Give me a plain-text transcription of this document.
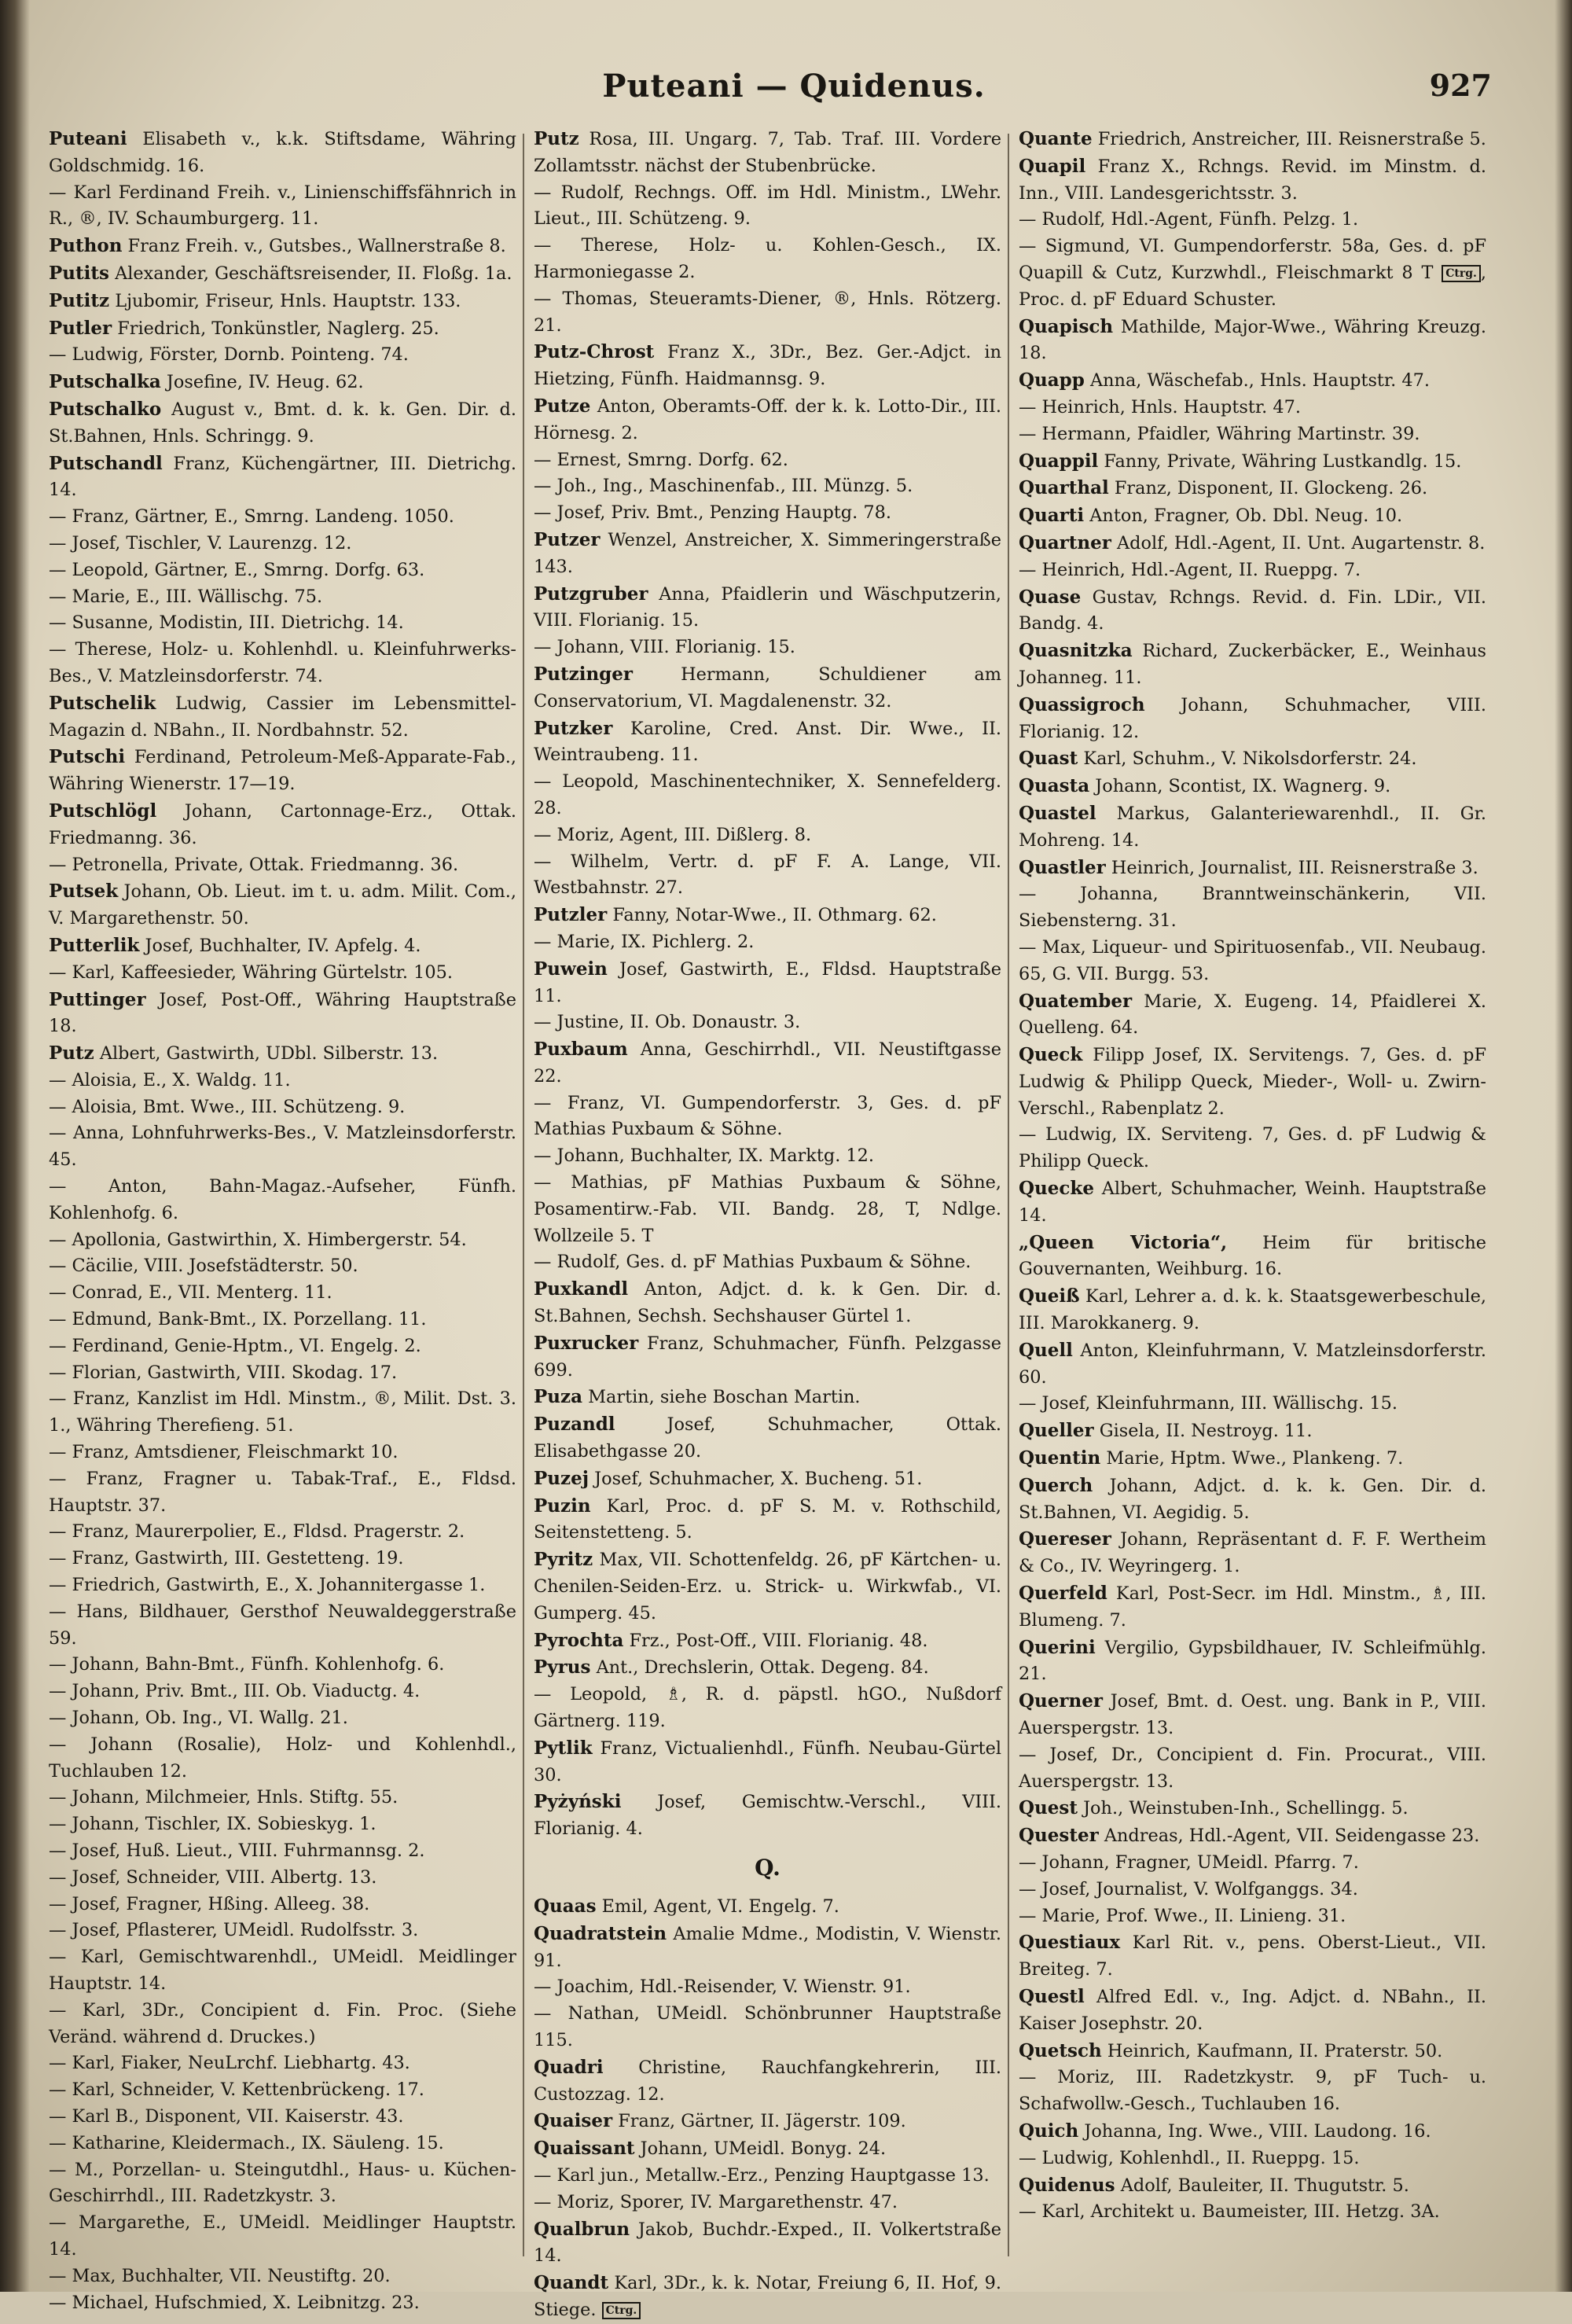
Puteani — Quidenus.	927

Puteani Elisabeth v., k.k. Stiftsdame, Währing Goldschmidg. 16.

— Karl Ferdinand Freih. v., Linienschiffsfähnrich in R., ®, IV. Schaumburgerg. 11.

Puthon Franz Freih. v., Gutsbes., Wallnerstraße 8.

Putits Alexander, Geschäftsreisender, II. Floßg. 1a.

Putitz Ljubomir, Friseur, Hnls. Hauptstr. 133.

Putler Friedrich, Tonkünstler, Naglerg. 25.

— Ludwig, Förster, Dornb. Pointeng. 74.

Putschalka Josefine, IV. Heug. 62.

Putschalko August v., Bmt. d. k. k. Gen. Dir. d. St.Bahnen, Hnls. Schringg. 9.

Putschandl Franz, Küchengärtner, III. Dietrichg. 14.

— Franz, Gärtner, E., Smrng. Landeng. 1050.

— Josef, Tischler, V. Laurenzg. 12.

— Leopold, Gärtner, E., Smrng. Dorfg. 63.

— Marie, E., III. Wällischg. 75.

— Susanne, Modistin, III. Dietrichg. 14.

— Therese, Holz- u. Kohlenhdl. u. Kleinfuhrwerks-Bes., V. Matzleinsdorferstr. 74.

Putschelik Ludwig, Cassier im Lebensmittel-Magazin d. NBahn., II. Nordbahnstr. 52.

Putschi Ferdinand, Petroleum-Meß-Apparate-Fab., Währing Wienerstr. 17—19.

Putschlögl Johann, Cartonnage-Erz., Ottak. Friedmanng. 36.

— Petronella, Private, Ottak. Friedmanng. 36.

Putsek Johann, Ob. Lieut. im t. u. adm. Milit. Com., V. Margarethenstr. 50.

Putterlik Josef, Buchhalter, IV. Apfelg. 4.

— Karl, Kaffeesieder, Währing Gürtelstr. 105.

Puttinger Josef, Post-Off., Währing Hauptstraße 18.

Putz Albert, Gastwirth, UDbl. Silberstr. 13.

— Aloisia, E., X. Waldg. 11.

— Aloisia, Bmt. Wwe., III. Schützeng. 9.

— Anna, Lohnfuhrwerks-Bes., V. Matzleinsdorferstr. 45.

— Anton, Bahn-Magaz.-Aufseher, Fünfh. Kohlenhofg. 6.

— Apollonia, Gastwirthin, X. Himbergerstr. 54.

— Cäcilie, VIII. Josefstädterstr. 50.

— Conrad, E., VII. Menterg. 11.

— Edmund, Bank-Bmt., IX. Porzellang. 11.

— Ferdinand, Genie-Hptm., VI. Engelg. 2.

— Florian, Gastwirth, VIII. Skodag. 17.

— Franz, Kanzlist im Hdl. Minstm., ®, Milit. Dst. 3. 1., Währing Therefieng. 51.

— Franz, Amtsdiener, Fleischmarkt 10.

— Franz, Fragner u. Tabak-Traf., E., Fldsd. Hauptstr. 37.

— Franz, Maurerpolier, E., Fldsd. Pragerstr. 2.

— Franz, Gastwirth, III. Gestetteng. 19.

— Friedrich, Gastwirth, E., X. Johannitergasse 1.

— Hans, Bildhauer, Gersthof Neuwaldeggerstraße 59.

— Johann, Bahn-Bmt., Fünfh. Kohlenhofg. 6.

— Johann, Priv. Bmt., III. Ob. Viaductg. 4.

— Johann, Ob. Ing., VI. Wallg. 21.

— Johann (Rosalie), Holz- und Kohlenhdl., Tuchlauben 12.

— Johann, Milchmeier, Hnls. Stiftg. 55.

— Johann, Tischler, IX. Sobieskyg. 1.

— Josef, Huß. Lieut., VIII. Fuhrmannsg. 2.

— Josef, Schneider, VIII. Albertg. 13.

— Josef, Fragner, Hßing. Alleeg. 38.

— Josef, Pflasterer, UMeidl. Rudolfsstr. 3.

— Karl, Gemischtwarenhdl., UMeidl. Meidlinger Hauptstr. 14.

— Karl, 3Dr., Concipient d. Fin. Proc. (Siehe Veränd. während d. Druckes.)

— Karl, Fiaker, NeuLrchf. Liebhartg. 43.

— Karl, Schneider, V. Kettenbrückeng. 17.

— Karl B., Disponent, VII. Kaiserstr. 43.

— Katharine, Kleidermach., IX. Säuleng. 15.

— M., Porzellan- u. Steingutdhl., Haus- u. Küchen-Geschirrhdl., III. Radetzkystr. 3.

— Margarethe, E., UMeidl. Meidlinger Hauptstr. 14.

— Max, Buchhalter, VII. Neustiftg. 20.

— Michael, Hufschmied, X. Leibnitzg. 23.

Putz Rosa, III. Ungarg. 7, Tab. Traf. III. Vordere Zollamtsstr. nächst der Stubenbrücke.

— Rudolf, Rechngs. Off. im Hdl. Ministm., LWehr. Lieut., III. Schützeng. 9.

— Therese, Holz- u. Kohlen-Gesch., IX. Harmoniegasse 2.

— Thomas, Steueramts-Diener, ®, Hnls. Rötzerg. 21.

Putz-Chrost Franz X., 3Dr., Bez. Ger.-Adjct. in Hietzing, Fünfh. Haidmannsg. 9.

Putze Anton, Oberamts-Off. der k. k. Lotto-Dir., III. Hörnesg. 2.

— Ernest, Smrng. Dorfg. 62.

— Joh., Ing., Maschinenfab., III. Münzg. 5.

— Josef, Priv. Bmt., Penzing Hauptg. 78.

Putzer Wenzel, Anstreicher, X. Simmeringerstraße 143.

Putzgruber Anna, Pfaidlerin und Wäschputzerin, VIII. Florianig. 15.

— Johann, VIII. Florianig. 15.

Putzinger Hermann, Schuldiener am Conservatorium, VI. Magdalenenstr. 32.

Putzker Karoline, Cred. Anst. Dir. Wwe., II. Weintraubeng. 11.

— Leopold, Maschinentechniker, X. Sennefelderg. 28.

— Moriz, Agent, III. Dißlerg. 8.

— Wilhelm, Vertr. d. pF F. A. Lange, VII. Westbahnstr. 27.

Putzler Fanny, Notar-Wwe., II. Othmarg. 62.

— Marie, IX. Pichlerg. 2.

Puwein Josef, Gastwirth, E., Fldsd. Hauptstraße 11.

— Justine, II. Ob. Donaustr. 3.

Puxbaum Anna, Geschirrhdl., VII. Neustiftgasse 22.

— Franz, VI. Gumpendorferstr. 3, Ges. d. pF Mathias Puxbaum & Söhne.

— Johann, Buchhalter, IX. Marktg. 12.

— Mathias, pF Mathias Puxbaum & Söhne, Posamentirw.-Fab. VII. Bandg. 28, T, Ndlge. Wollzeile 5. T

— Rudolf, Ges. d. pF Mathias Puxbaum & Söhne.

Puxkandl Anton, Adjct. d. k. k Gen. Dir. d. St.Bahnen, Sechsh. Sechshauser Gürtel 1.

Puxrucker Franz, Schuhmacher, Fünfh. Pelzgasse 699.

Puza Martin, siehe Boschan Martin.

Puzandl Josef, Schuhmacher, Ottak. Elisabethgasse 20.

Puzej Josef, Schuhmacher, X. Bucheng. 51.

Puzin Karl, Proc. d. pF S. M. v. Rothschild, Seitenstetteng. 5.

Pyritz Max, VII. Schottenfeldg. 26, pF Kärtchen- u. Chenilen-Seiden-Erz. u. Strick- u. Wirkwfab., VI. Gumperg. 45.

Pyrochta Frz., Post-Off., VIII. Florianig. 48.

Pyrus Ant., Drechslerin, Ottak. Degeng. 84.

— Leopold, ♗, R. d. päpstl. hGO., Nußdorf Gärtnerg. 119.

Pytlik Franz, Victualienhdl., Fünfh. Neubau-Gürtel 30.

Pyżyński Josef, Gemischtw.-Verschl., VIII. Florianig. 4.

Q.

Quaas Emil, Agent, VI. Engelg. 7.

Quadratstein Amalie Mdme., Modistin, V. Wienstr. 91.

— Joachim, Hdl.-Reisender, V. Wienstr. 91.

— Nathan, UMeidl. Schönbrunner Hauptstraße 115.

Quadri Christine, Rauchfangkehrerin, III. Custozzag. 12.

Quaiser Franz, Gärtner, II. Jägerstr. 109.

Quaissant Johann, UMeidl. Bonyg. 24.

— Karl jun., Metallw.-Erz., Penzing Hauptgasse 13.

— Moriz, Sporer, IV. Margarethenstr. 47.

Qualbrun Jakob, Buchdr.-Exped., II. Volkertstraße 14.

Quandt Karl, 3Dr., k. k. Notar, Freiung 6, II. Hof, 9. Stiege. Ctrg.

Quante Friedrich, Anstreicher, III. Reisnerstraße 5.

Quapil Franz X., Rchngs. Revid. im Minstm. d. Inn., VIII. Landesgerichtsstr. 3.

— Rudolf, Hdl.-Agent, Fünfh. Pelzg. 1.

— Sigmund, VI. Gumpendorferstr. 58a, Ges. d. pF Quapill & Cutz, Kurzwhdl., Fleischmarkt 8 T Ctrg. , Proc. d. pF Eduard Schuster.

Quapisch Mathilde, Major-Wwe., Währing Kreuzg. 18.

Quapp Anna, Wäschefab., Hnls. Hauptstr. 47.

— Heinrich, Hnls. Hauptstr. 47.

— Hermann, Pfaidler, Währing Martinstr. 39.

Quappil Fanny, Private, Währing Lustkandlg. 15.

Quarthal Franz, Disponent, II. Glockeng. 26.

Quarti Anton, Fragner, Ob. Dbl. Neug. 10.

Quartner Adolf, Hdl.-Agent, II. Unt. Augartenstr. 8.

— Heinrich, Hdl.-Agent, II. Rueppg. 7.

Quase Gustav, Rchngs. Revid. d. Fin. LDir., VII. Bandg. 4.

Quasnitzka Richard, Zuckerbäcker, E., Weinhaus Johanneg. 11.

Quassigroch Johann, Schuhmacher, VIII. Florianig. 12.

Quast Karl, Schuhm., V. Nikolsdorferstr. 24.

Quasta Johann, Scontist, IX. Wagnerg. 9.

Quastel Markus, Galanteriewarenhdl., II. Gr. Mohreng. 14.

Quastler Heinrich, Journalist, III. Reisnerstraße 3.

— Johanna, Branntweinschänkerin, VII. Siebensterng. 31.

— Max, Liqueur- und Spirituosenfab., VII. Neubaug. 65, G. VII. Burgg. 53.

Quatember Marie, X. Eugeng. 14, Pfaidlerei X. Quelleng. 64.

Queck Filipp Josef, IX. Servitengs. 7, Ges. d. pF Ludwig & Philipp Queck, Mieder-, Woll- u. Zwirn-Verschl., Rabenplatz 2.

— Ludwig, IX. Serviteng. 7, Ges. d. pF Ludwig & Philipp Queck.

Quecke Albert, Schuhmacher, Weinh. Hauptstraße 14.

„Queen Victoria“, Heim für britische Gouvernanten, Weihburg. 16.

Queiß Karl, Lehrer a. d. k. k. Staatsgewerbeschule, III. Marokkanerg. 9.

Quell Anton, Kleinfuhrmann, V. Matzleinsdorferstr. 60.

— Josef, Kleinfuhrmann, III. Wällischg. 15.

Queller Gisela, II. Nestroyg. 11.

Quentin Marie, Hptm. Wwe., Plankeng. 7.

Querch Johann, Adjct. d. k. k. Gen. Dir. d. St.Bahnen, VI. Aegidig. 5.

Quereser Johann, Repräsentant d. F. F. Wertheim & Co., IV. Weyringerg. 1.

Querfeld Karl, Post-Secr. im Hdl. Minstm., ♗, III. Blumeng. 7.

Querini Vergilio, Gypsbildhauer, IV. Schleifmühlg. 21.

Querner Josef, Bmt. d. Oest. ung. Bank in P., VIII. Auerspergstr. 13.

— Josef, Dr., Concipient d. Fin. Procurat., VIII. Auerspergstr. 13.

Quest Joh., Weinstuben-Inh., Schellingg. 5.

Quester Andreas, Hdl.-Agent, VII. Seidengasse 23.

— Johann, Fragner, UMeidl. Pfarrg. 7.

— Josef, Journalist, V. Wolfganggs. 34.

— Marie, Prof. Wwe., II. Linieng. 31.

Questiaux Karl Rit. v., pens. Oberst-Lieut., VII. Breiteg. 7.

Questl Alfred Edl. v., Ing. Adjct. d. NBahn., II. Kaiser Josephstr. 20.

Quetsch Heinrich, Kaufmann, II. Praterstr. 50.

— Moriz, III. Radetzkystr. 9, pF Tuch- u. Schafwollw.-Gesch., Tuchlauben 16.

Quich Johanna, Ing. Wwe., VIII. Laudong. 16.

— Ludwig, Kohlenhdl., II. Rueppg. 15.

Quidenus Adolf, Bauleiter, II. Thugutstr. 5.

— Karl, Architekt u. Baumeister, III. Hetzg. 3A.
